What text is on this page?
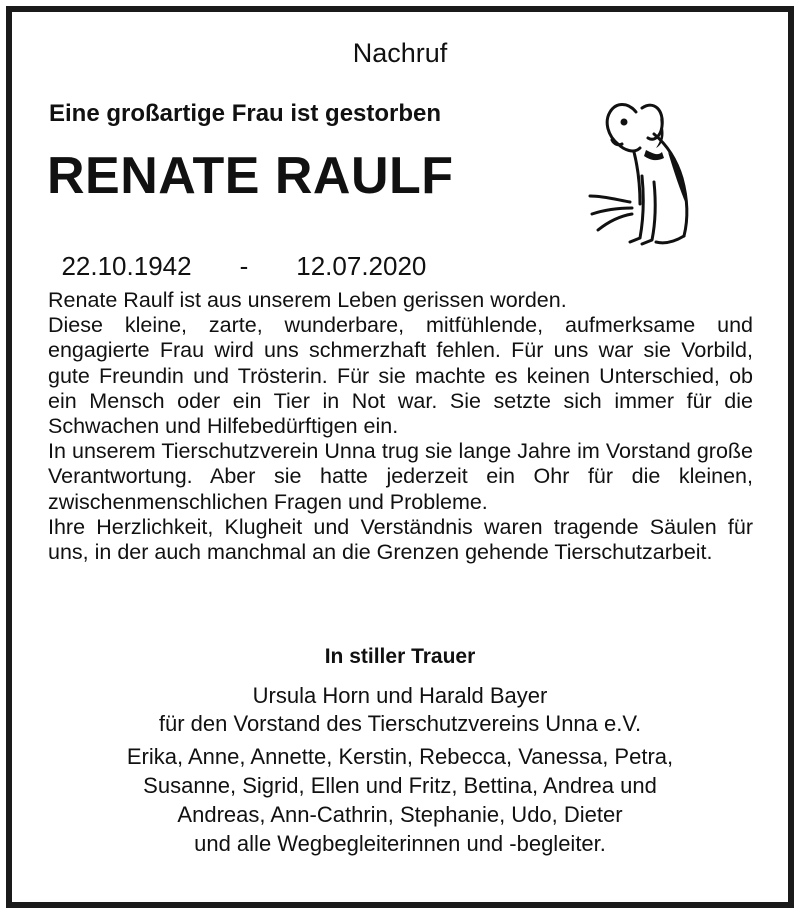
Nachruf
Eine großartige Frau ist gestorben
RENATE RAULF

22.10.1942 - 12.07.2020

Renate Raulf ist aus unserem Leben gerissen worden.

Diese kleine, zarte, wunderbare, mitfühlende, aufmerksame und engagierte Frau wird uns schmerzhaft fehlen. Für uns war sie Vorbild, gute Freundin und Trösterin. Für sie machte es keinen Unterschied, ob ein Mensch oder ein Tier in Not war. Sie setzte sich immer für die Schwachen und Hilfebedürftigen ein.

In unserem Tierschutzverein Unna trug sie lange Jahre im Vorstand große Verantwortung. Aber sie hatte jederzeit ein Ohr für die kleinen, zwischenmenschlichen Fragen und Probleme.

Ihre Herzlichkeit, Klugheit und Verständnis waren tragende Säulen für uns, in der auch manchmal an die Grenzen gehende Tierschutzarbeit.

In stiller Trauer
Ursula Horn und Harald Bayer
für den Vorstand des Tierschutzvereins Unna e.V.
Erika, Anne, Annette, Kerstin, Rebecca, Vanessa, Petra,
Susanne, Sigrid, Ellen und Fritz, Bettina, Andrea und
Andreas, Ann-Cathrin, Stephanie, Udo, Dieter
und alle Wegbegleiterinnen und -begleiter.
